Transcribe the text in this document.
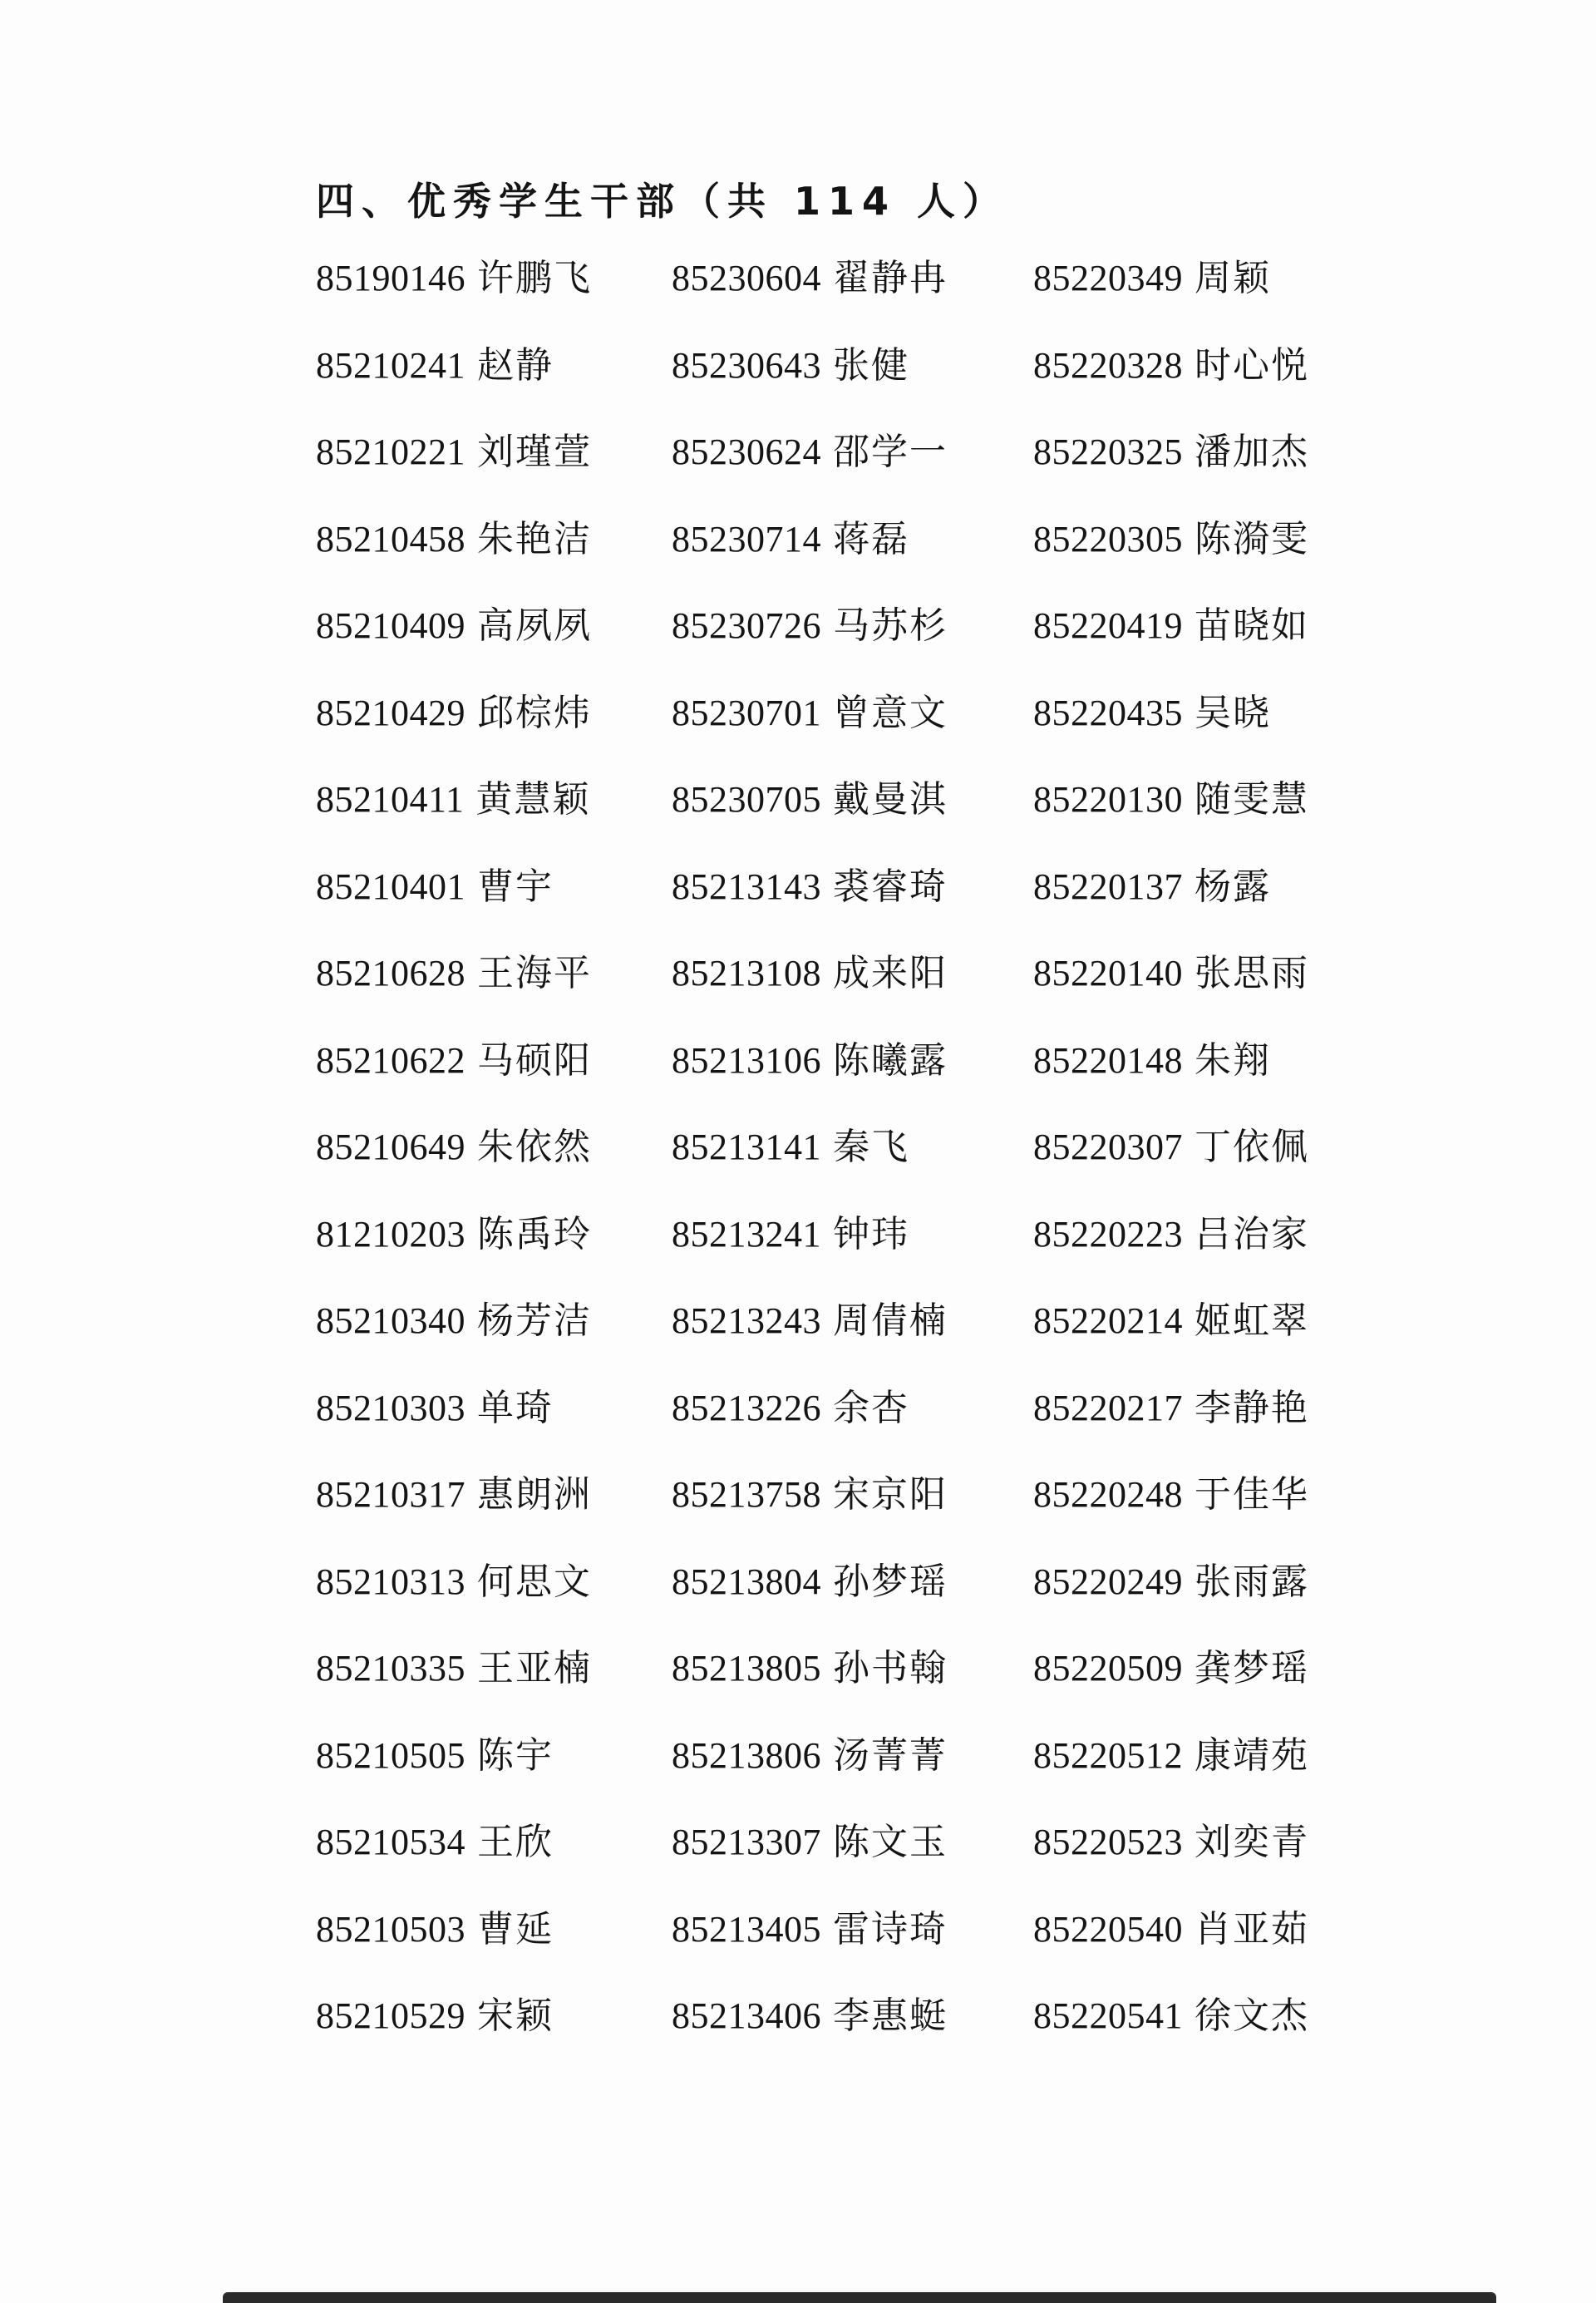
四、优秀学生干部（共 114 人）
85190146 许鹏飞	85230604 翟静冉	85220349 周颖
85210241 赵静	85230643 张健	85220328 时心悦
85210221 刘瑾萱	85230624 邵学一	85220325 潘加杰
85210458 朱艳洁	85230714 蒋磊	85220305 陈漪雯
85210409 高夙夙	85230726 马苏杉	85220419 苗晓如
85210429 邱棕炜	85230701 曾意文	85220435 吴晓
85210411 黄慧颖	85230705 戴曼淇	85220130 随雯慧
85210401 曹宇	85213143 裘睿琦	85220137 杨露
85210628 王海平	85213108 成来阳	85220140 张思雨
85210622 马硕阳	85213106 陈曦露	85220148 朱翔
85210649 朱依然	85213141 秦飞	85220307 丁依佩
81210203 陈禹玲	85213241 钟玮	85220223 吕治家
85210340 杨芳洁	85213243 周倩楠	85220214 姬虹翠
85210303 单琦	85213226 余杏	85220217 李静艳
85210317 惠朗洲	85213758 宋京阳	85220248 于佳华
85210313 何思文	85213804 孙梦瑶	85220249 张雨露
85210335 王亚楠	85213805 孙书翰	85220509 龚梦瑶
85210505 陈宇	85213806 汤菁菁	85220512 康靖苑
85210534 王欣	85213307 陈文玉	85220523 刘奕青
85210503 曹延	85213405 雷诗琦	85220540 肖亚茹
85210529 宋颖	85213406 李惠蜓	85220541 徐文杰
